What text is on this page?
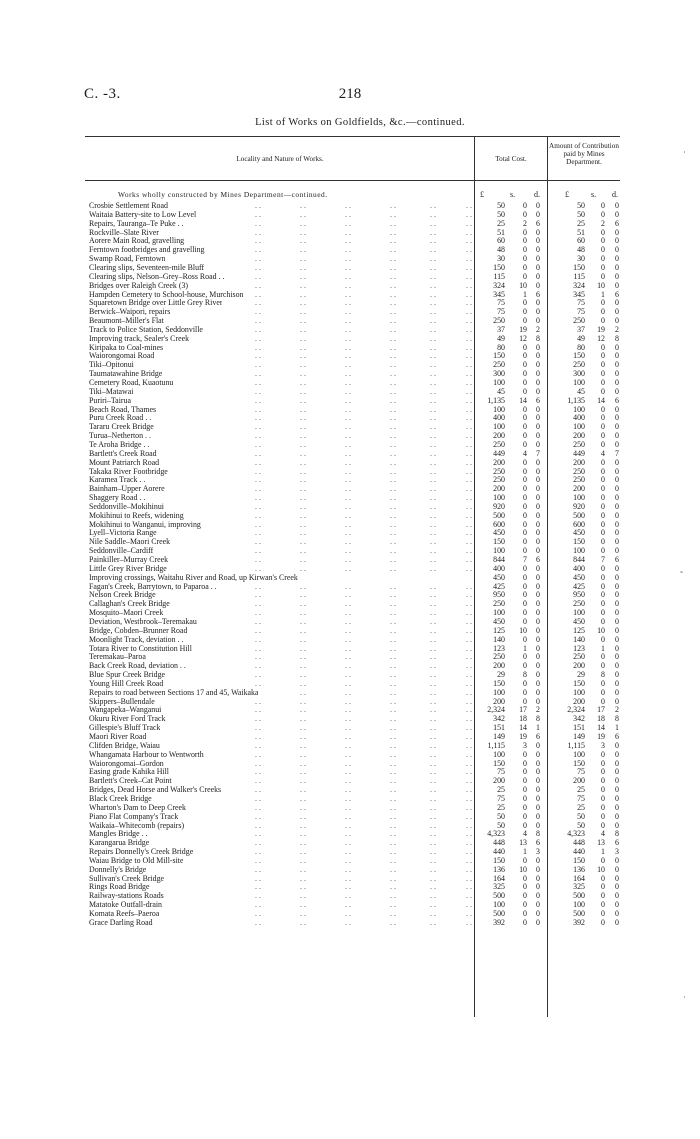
C. -3.	218
List of Works on Goldfields, &c.—continued.
Locality and Nature of Works.	Total Cost.
Amount of Contribution paid by Mines Department.
Works wholly constructed by Mines Department—continued.	£	s. d.	£	s. d.
Crosbie Settlement Road	50 0 0	50 0 0
. .	. .	. .	. .	. .	. .
Waitaia Battery-site to Low Level	50 0 0	50 0 0
. .	. .	. .	. .	. .	. .
Repairs, Tauranga–Te Puke . .	25 2 6	25 2 6
. .	. .	. .	. .	. .	. .
Rockville–Slate River	51 0 0	51 0 0
. .	. .	. .	. .	. .	. .
Aorere Main Road, gravelling	60 0 0	60 0 0
. .	. .	. .	. .	. .	. .
Ferntown footbridges and gravelling	48 0 0	48 0 0
. .	. .	. .	. .	. .	. .
Swamp Road, Ferntown	30 0 0	30 0 0
. .	. .	. .	. .	. .	. .
Clearing slips, Seventeen-mile Bluff	150 0 0	150 0 0
. .	. .	. .	. .	. .	. .
Clearing slips, Nelson–Grey–Ross Road . .	115 0 0	115 0 0
. .	. .	. .	. .	. .	. .
Bridges over Raleigh Creek (3)	324 10 0	324 10 0
. .	. .	. .	. .	. .	. .
Hampden Cemetery to School-house, Murchison	345 1 6	345 1 6
. .	. .	. .	. .	. .	. .
Squaretown Bridge over Little Grey River	75 0 0	75 0 0
. .	. .	. .	. .	. .	. .
Berwick–Waipori, repairs	75 0 0	75 0 0
. .	. .	. .	. .	. .	. .
Beaumont–Miller's Flat	250 0 0	250 0 0
. .	. .	. .	. .	. .	. .
Track to Police Station, Seddonville	37 19 2	37 19 2
. .	. .	. .	. .	. .	. .
Improving track, Sealer's Creek	49 12 8	49 12 8
. .	. .	. .	. .	. .	. .
Kiripaka to Coal-mines	80 0 0	80 0 0
. .	. .	. .	. .	. .	. .
Waiorongomai Road	150 0 0	150 0 0
. .	. .	. .	. .	. .	. .
Tiki–Opitonui	250 0 0	250 0 0
. .	. .	. .	. .	. .	. .
Taumatawahine Bridge	300 0 0	300 0 0
. .	. .	. .	. .	. .	. .
Cemetery Road, Kuaotunu	100 0 0	100 0 0
. .	. .	. .	. .	. .	. .
Tiki–Matawai	45 0 0	45 0 0
. .	. .	. .	. .	. .	. .
Puriri–Tairua	1,135 14 6	1,135 14 6
. .	. .	. .	. .	. .	. .
Beach Road, Thames	100 0 0	100 0 0
. .	. .	. .	. .	. .	. .
Puru Creek Road . .	400 0 0	400 0 0
. .	. .	. .	. .	. .	. .
Tararu Creek Bridge	100 0 0	100 0 0
. .	. .	. .	. .	. .	. .
Turua–Netherton . .	200 0 0	200 0 0
. .	. .	. .	. .	. .	. .
Te Aroha Bridge . .	250 0 0	250 0 0
. .	. .	. .	. .	. .	. .
Bartlett's Creek Road	449 4 7	449 4 7
. .	. .	. .	. .	. .	. .
Mount Patriarch Road	200 0 0	200 0 0
. .	. .	. .	. .	. .	. .
Takaka River Footbridge	250 0 0	250 0 0
. .	. .	. .	. .	. .	. .
Karamea Track . .	250 0 0	250 0 0
. .	. .	. .	. .	. .	. .
Bainham–Upper Aorere	200 0 0	200 0 0
. .	. .	. .	. .	. .	. .
Shaggery Road . .	100 0 0	100 0 0
. .	. .	. .	. .	. .	. .
Seddonville–Mokihinui	920 0 0	920 0 0
. .	. .	. .	. .	. .	. .
Mokihinui to Reefs, widening	500 0 0	500 0 0
. .	. .	. .	. .	. .	. .
Mokihinui to Wanganui, improving	600 0 0	600 0 0
. .	. .	. .	. .	. .	. .
Lyell–Victoria Range	450 0 0	450 0 0
. .	. .	. .	. .	. .	. .
Nile Saddle–Maori Creek	150 0 0	150 0 0
. .	. .	. .	. .	. .	. .
Seddonville–Cardiff	100 0 0	100 0 0
. .	. .	. .	. .	. .	. .
Painkiller–Murray Creek	844 7 6	844 7 6
. .	. .	. .	. .	. .	. .
Little Grey River Bridge	400 0 0	400 0 0
. .	. .	. .	. .	. .	. .
Improving crossings, Waitahu River and Road, up Kirwan's Creek	450 0 0	450 0 0
Fagan's Creek, Barrytown, to Paparoa . .	425 0 0	425 0 0
. .	. .	. .	. .	. .	. .
Nelson Creek Bridge	950 0 0	950 0 0
. .	. .	. .	. .	. .	. .
Callaghan's Creek Bridge	250 0 0	250 0 0
. .	. .	. .	. .	. .	. .
Mosquito–Maori Creek	100 0 0	100 0 0
. .	. .	. .	. .	. .	. .
Deviation, Westbrook–Teremakau	450 0 0	450 0 0
. .	. .	. .	. .	. .	. .
Bridge, Cobden–Brunner Road	125 10 0	125 10 0
. .	. .	. .	. .	. .	. .
Moonlight Track, deviation . .	140 0 0	140 0 0
. .	. .	. .	. .	. .	. .
Totara River to Constitution Hill	123 1 0	123 1 0
. .	. .	. .	. .	. .	. .
Teremakau–Paroa	250 0 0	250 0 0
. .	. .	. .	. .	. .	. .
Back Creek Road, deviation . .	200 0 0	200 0 0
. .	. .	. .	. .	. .	. .
Blue Spur Creek Bridge	29 8 0	29 8 0
. .	. .	. .	. .	. .	. .
Young Hill Creek Road	150 0 0	150 0 0
. .	. .	. .	. .	. .	. .
Repairs to road between Sections 17 and 45, Waikaka	100 0 0	100 0 0
. .	. .	. .	. .	. .
Skippers–Bullendale	200 0 0	200 0 0
. .	. .	. .	. .	. .	. .
Wangapeka–Wanganui	2,324 17 2	2,324 17 2
. .	. .	. .	. .	. .	. .
Okuru River Ford Track	342 18 8	342 18 8
. .	. .	. .	. .	. .	. .
Gillespie's Bluff Track	151 14 1	151 14 1
. .	. .	. .	. .	. .	. .
Maori River Road	149 19 6	149 19 6
. .	. .	. .	. .	. .	. .
Clifden Bridge, Waiau	1,115 3 0	1,115 3 0
. .	. .	. .	. .	. .	. .
Whangamata Harbour to Wentworth	100 0 0	100 0 0
. .	. .	. .	. .	. .	. .
Waiorongomai–Gordon	150 0 0	150 0 0
. .	. .	. .	. .	. .	. .
Easing grade Kahika Hill	75 0 0	75 0 0
. .	. .	. .	. .	. .	. .
Bartlett's Creek–Cat Point	200 0 0	200 0 0
. .	. .	. .	. .	. .	. .
Bridges, Dead Horse and Walker's Creeks	25 0 0	25 0 0
. .	. .	. .	. .	. .	. .
Black Creek Bridge	75 0 0	75 0 0
. .	. .	. .	. .	. .	. .
Wharton's Dam to Deep Creek	25 0 0	25 0 0
. .	. .	. .	. .	. .	. .
Piano Flat Company's Track	50 0 0	50 0 0
. .	. .	. .	. .	. .	. .
Waikaia–Whitecomb (repairs)	50 0 0	50 0 0
. .	. .	. .	. .	. .	. .
Mangles Bridge . .	4,323 4 8	4,323 4 8
. .	. .	. .	. .	. .	. .
Karangarua Bridge	448 13 6	448 13 6
. .	. .	. .	. .	. .	. .
Repairs Donnelly's Creek Bridge	440 1 3	440 1 3
. .	. .	. .	. .	. .	. .
Waiau Bridge to Old Mill-site	150 0 0	150 0 0
. .	. .	. .	. .	. .	. .
Donnelly's Bridge	136 10 0	136 10 0
. .	. .	. .	. .	. .	. .
Sullivan's Creek Bridge	164 0 0	164 0 0
. .	. .	. .	. .	. .	. .
Rings Road Bridge	325 0 0	325 0 0
. .	. .	. .	. .	. .	. .
Railway-stations Roads	500 0 0	500 0 0
. .	. .	. .	. .	. .	. .
Matatoke Outfall-drain	100 0 0	100 0 0
. .	. .	. .	. .	. .	. .
Komata Reefs–Paeroa	500 0 0	500 0 0
. .	. .	. .	. .	. .	. .
Grace Darling Road	392 0 0	392 0 0
. .	. .	. .	. .	. .	. .
˙
˜
˙
